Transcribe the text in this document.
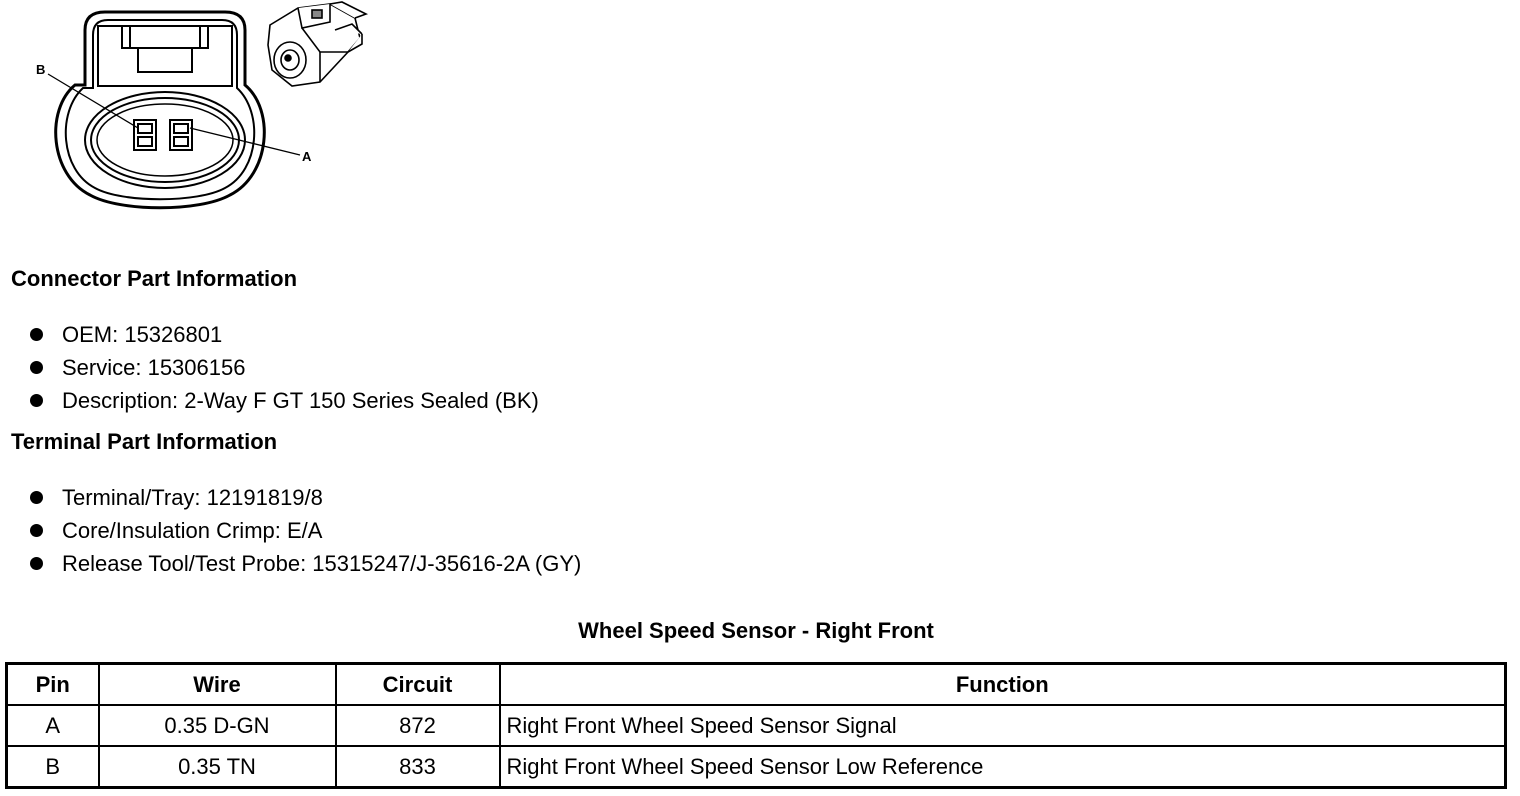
B
A
Connector Part Information
OEM: 15326801
Service: 15306156
Description: 2-Way F GT 150 Series Sealed (BK)
Terminal Part Information
Terminal/Tray: 12191819/8
Core/Insulation Crimp: E/A
Release Tool/Test Probe: 15315247/J-35616-2A (GY)
Wheel Speed Sensor - Right Front
Pin	Wire	Circuit	Function
A	0.35 D-GN	872	Right Front Wheel Speed Sensor Signal
B	0.35 TN	833	Right Front Wheel Speed Sensor Low Reference
